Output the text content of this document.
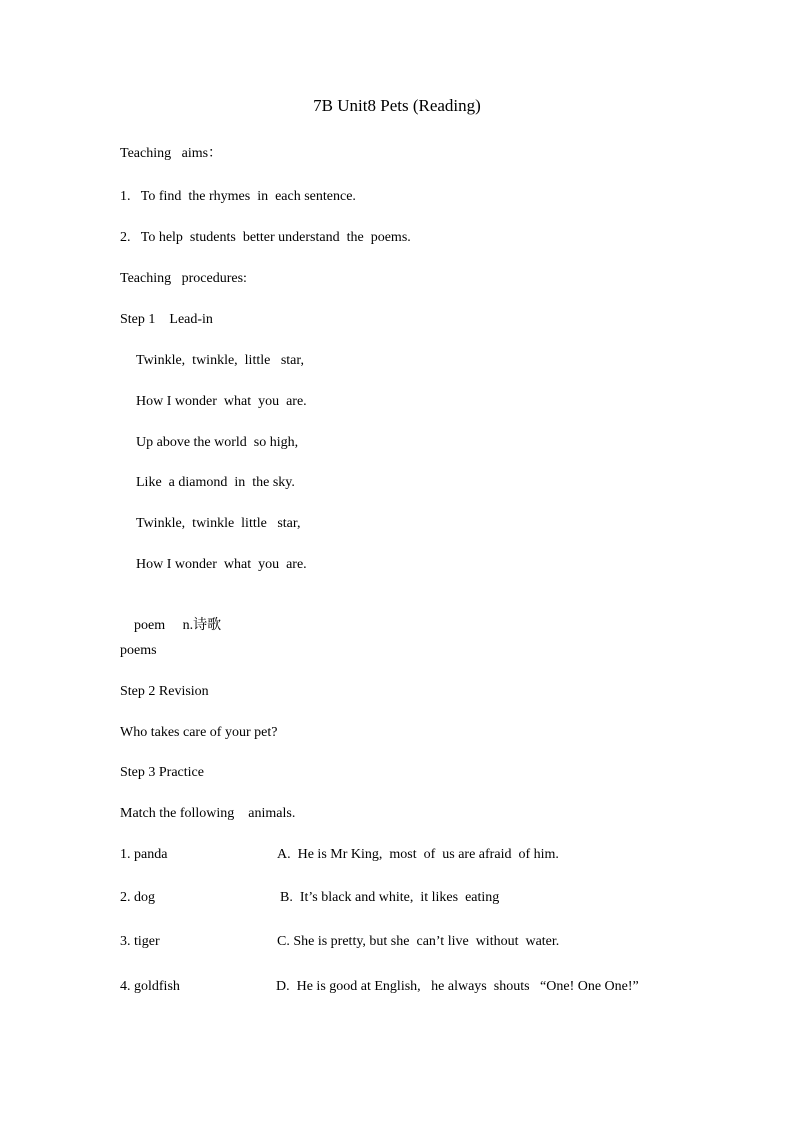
7B Unit8 Pets (Reading)
Teaching   aims：
1.   To find  the rhymes  in  each sentence.
2.   To help  students  better understand  the  poems.
Teaching   procedures:
Step 1    Lead-in
Twinkle,  twinkle,  little   star,
How I wonder  what  you  are.
Up above the world  so high,
Like  a diamond  in  the sky.
Twinkle,  twinkle  little   star,
How I wonder  what  you  are.

poem n.诗歌

poems
Step 2 Revision
Who takes care of your pet?
Step 3 Practice
Match the following    animals.
1. panda	A.  He is Mr King,  most  of  us are afraid  of him.
2. dog	B.  It’s black and white,  it likes  eating
3. tiger	C. She is pretty, but she  can’t live  without  water.
4. goldfish	D.  He is good at English,   he always  shouts   “One! One One!”
